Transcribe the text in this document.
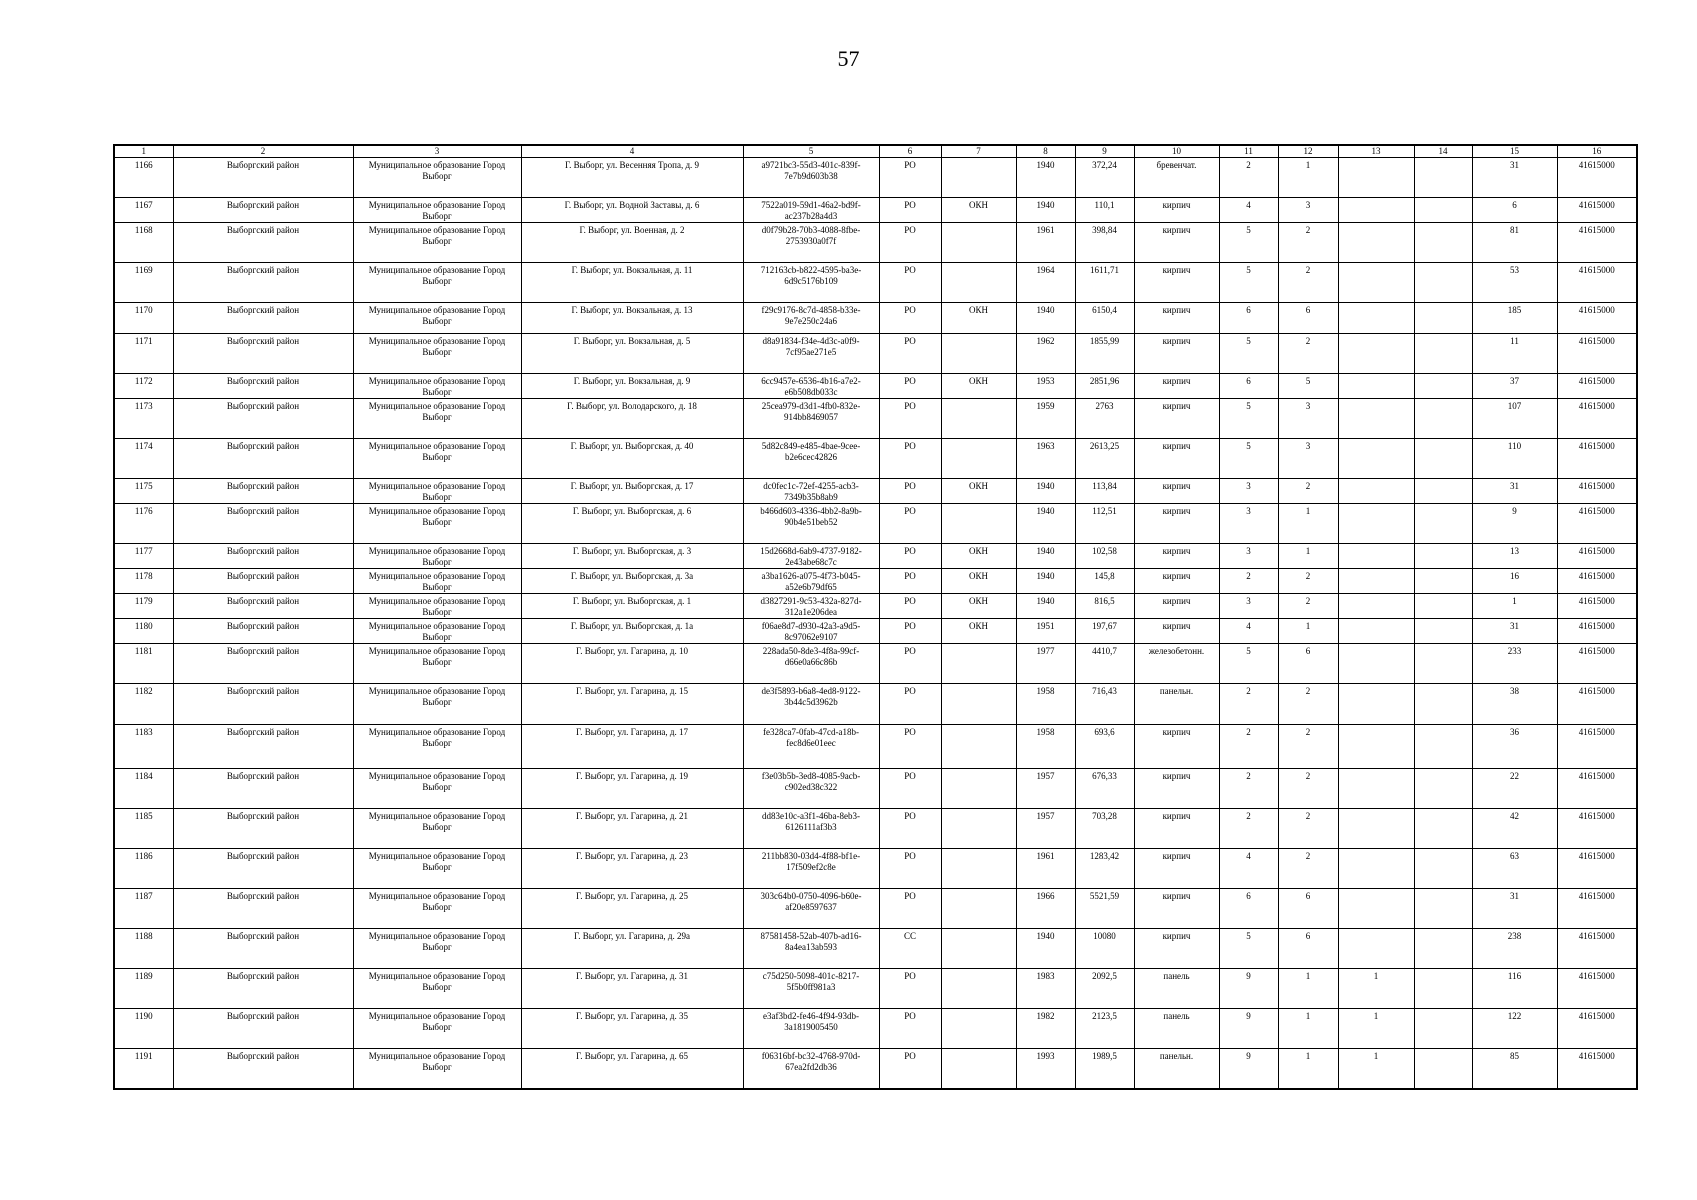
57
1	2	3	4	5	6	7	8	9	10	11	12	13	14	15	16
1166	Выборгский район	Муниципальное образование Город Выборг	Г. Выборг, ул. Весенняя Тропа, д. 9	a9721bc3-55d3-401c-839f-7e7b9d603b38	PO		1940	372,24	бревенчат.	2	1			31	41615000
1167	Выборгский район	Муниципальное образование Город Выборг	Г. Выборг, ул. Водной Заставы, д. 6	7522a019-59d1-46a2-bd9f-ac237b28a4d3	PO	ОКН	1940	110,1	кирпич	4	3			6	41615000
1168	Выборгский район	Муниципальное образование Город Выборг	Г. Выборг, ул. Военная, д. 2	d0f79b28-70b3-4088-8fbe-2753930a0f7f	PO		1961	398,84	кирпич	5	2			81	41615000
1169	Выборгский район	Муниципальное образование Город Выборг	Г. Выборг, ул. Вокзальная, д. 11	712163cb-b822-4595-ba3e-6d9c5176b109	PO		1964	1611,71	кирпич	5	2			53	41615000
1170	Выборгский район	Муниципальное образование Город Выборг	Г. Выборг, ул. Вокзальная, д. 13	f29c9176-8c7d-4858-b33e-9e7e250c24a6	PO	ОКН	1940	6150,4	кирпич	6	6			185	41615000
1171	Выборгский район	Муниципальное образование Город Выборг	Г. Выборг, ул. Вокзальная, д. 5	d8a91834-f34e-4d3c-a0f9-7cf95ae271e5	PO		1962	1855,99	кирпич	5	2			11	41615000
1172	Выборгский район	Муниципальное образование Город Выборг	Г. Выборг, ул. Вокзальная, д. 9	6cc9457e-6536-4b16-a7e2-e6b508db033c	PO	ОКН	1953	2851,96	кирпич	6	5			37	41615000
1173	Выборгский район	Муниципальное образование Город Выборг	Г. Выборг, ул. Володарского, д. 18	25cea979-d3d1-4fb0-832e-914bb8469057	PO		1959	2763	кирпич	5	3			107	41615000
1174	Выборгский район	Муниципальное образование Город Выборг	Г. Выборг, ул. Выборгская, д. 40	5d82c849-e485-4bae-9cee-b2e6cec42826	PO		1963	2613,25	кирпич	5	3			110	41615000
1175	Выборгский район	Муниципальное образование Город Выборг	Г. Выборг, ул. Выборгская, д. 17	dc0fec1c-72ef-4255-acb3-7349b35b8ab9	PO	ОКН	1940	113,84	кирпич	3	2			31	41615000
1176	Выборгский район	Муниципальное образование Город Выборг	Г. Выборг, ул. Выборгская, д. 6	b466d603-4336-4bb2-8a9b-90b4e51beb52	PO		1940	112,51	кирпич	3	1			9	41615000
1177	Выборгский район	Муниципальное образование Город Выборг	Г. Выборг, ул. Выборгская, д. 3	15d2668d-6ab9-4737-9182-2e43abe68c7c	PO	ОКН	1940	102,58	кирпич	3	1			13	41615000
1178	Выборгский район	Муниципальное образование Город Выборг	Г. Выборг, ул. Выборгская, д. 3а	a3ba1626-a075-4f73-b045-a52e6b79df65	PO	ОКН	1940	145,8	кирпич	2	2			16	41615000
1179	Выборгский район	Муниципальное образование Город Выборг	Г. Выборг, ул. Выборгская, д. 1	d3827291-9c53-432a-827d-312a1e206dea	PO	ОКН	1940	816,5	кирпич	3	2			1	41615000
1180	Выборгский район	Муниципальное образование Город Выборг	Г. Выборг, ул. Выборгская, д. 1а	f06ae8d7-d930-42a3-a9d5-8c97062e9107	PO	ОКН	1951	197,67	кирпич	4	1			31	41615000
1181	Выборгский район	Муниципальное образование Город Выборг	Г. Выборг, ул. Гагарина, д. 10	228ada50-8de3-4f8a-99cf-d66e0a66c86b	PO		1977	4410,7	железобетонн.	5	6			233	41615000
1182	Выборгский район	Муниципальное образование Город Выборг	Г. Выборг, ул. Гагарина, д. 15	de3f5893-b6a8-4ed8-9122-3b44c5d3962b	PO		1958	716,43	панельн.	2	2			38	41615000
1183	Выборгский район	Муниципальное образование Город Выборг	Г. Выборг, ул. Гагарина, д. 17	fe328ca7-0fab-47cd-a18b-fec8d6e01eec	PO		1958	693,6	кирпич	2	2			36	41615000
1184	Выборгский район	Муниципальное образование Город Выборг	Г. Выборг, ул. Гагарина, д. 19	f3e03b5b-3ed8-4085-9acb-c902ed38c322	PO		1957	676,33	кирпич	2	2			22	41615000
1185	Выборгский район	Муниципальное образование Город Выборг	Г. Выборг, ул. Гагарина, д. 21	dd83e10c-a3f1-46ba-8eb3-6126111af3b3	PO		1957	703,28	кирпич	2	2			42	41615000
1186	Выборгский район	Муниципальное образование Город Выборг	Г. Выборг, ул. Гагарина, д. 23	211bb830-03d4-4f88-bf1e-17f509ef2c8e	PO		1961	1283,42	кирпич	4	2			63	41615000
1187	Выборгский район	Муниципальное образование Город Выборг	Г. Выборг, ул. Гагарина, д. 25	303c64b0-0750-4096-b60e-af20e8597637	PO		1966	5521,59	кирпич	6	6			31	41615000
1188	Выборгский район	Муниципальное образование Город Выборг	Г. Выборг, ул. Гагарина, д. 29а	87581458-52ab-407b-ad16-8a4ea13ab593	CC		1940	10080	кирпич	5	6			238	41615000
1189	Выборгский район	Муниципальное образование Город Выборг	Г. Выборг, ул. Гагарина, д. 31	c75d250-5098-401c-8217-5f5b0ff981a3	PO		1983	2092,5	панель	9	1	1		116	41615000
1190	Выборгский район	Муниципальное образование Город Выборг	Г. Выборг, ул. Гагарина, д. 35	e3af3bd2-fe46-4f94-93db-3a1819005450	PO		1982	2123,5	панель	9	1	1		122	41615000
1191	Выборгский район	Муниципальное образование Город Выборг	Г. Выборг, ул. Гагарина, д. 65	f06316bf-bc32-4768-970d-67ea2fd2db36	PO		1993	1989,5	панельн.	9	1	1		85	41615000
